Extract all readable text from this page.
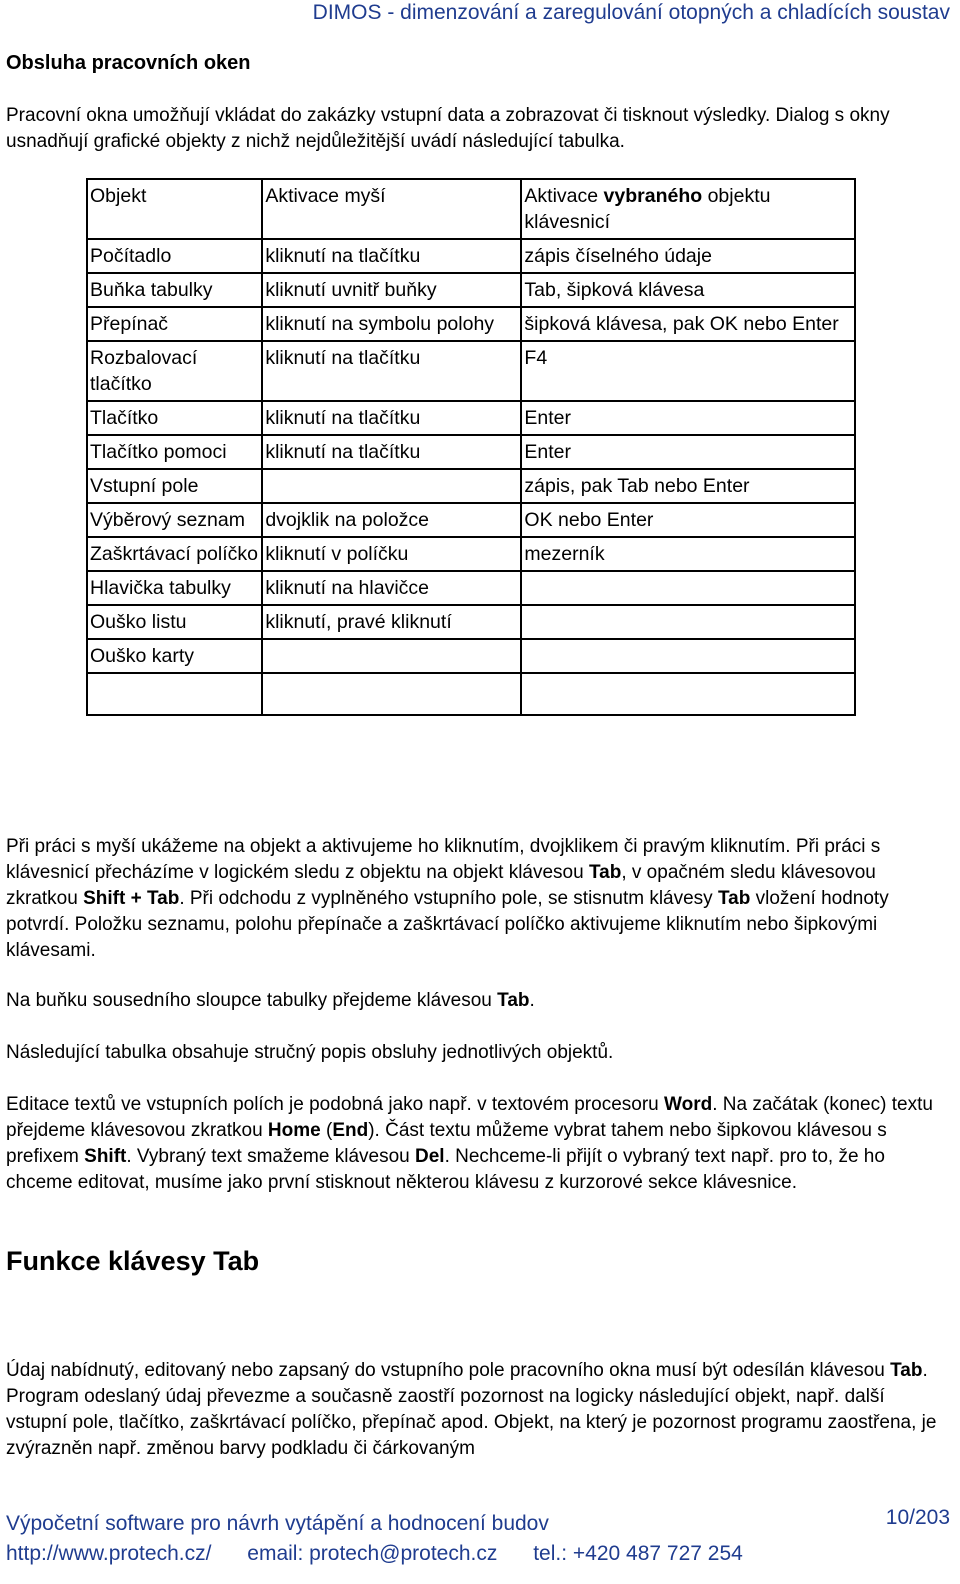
DIMOS - dimenzování a zaregulování otopných a chladících soustav
Obsluha pracovních oken

Pracovní okna umožňují vkládat do zakázky vstupní data a zobrazovat či tisknout výsledky. Dialog s okny usnadňují grafické objekty z nichž nejdůležitější uvádí následující tabulka.

Objekt	Aktivace myší	Aktivace vybraného objektu klávesnicí
Počítadlo	kliknutí na tlačítku	zápis číselného údaje
Buňka tabulky	kliknutí uvnitř buňky	Tab, šipková klávesa
Přepínač	kliknutí na symbolu polohy	šipková klávesa, pak OK nebo Enter
Rozbalovací tlačítko	kliknutí na tlačítku	F4
Tlačítko	kliknutí na tlačítku	Enter
Tlačítko pomoci	kliknutí na tlačítku	Enter
Vstupní pole		zápis, pak Tab nebo Enter
Výběrový seznam	dvojklik na položce	OK nebo Enter
Zaškrtávací políčko	kliknutí v políčku	mezerník
Hlavička tabulky	kliknutí na hlavičce	
Ouško listu	kliknutí, pravé kliknutí	
Ouško karty		

Při práci s myší ukážeme na objekt a aktivujeme ho kliknutím, dvojklikem či pravým kliknutím. Při práci s klávesnicí přecházíme v logickém sledu z objektu na objekt klávesou Tab, v opačném sledu klávesovou zkratkou Shift + Tab. Při odchodu z vyplněného vstupního pole, se stisnutm klávesy Tab vložení hodnoty potvrdí. Položku seznamu, polohu přepínače a zaškrtávací políčko aktivujeme kliknutím nebo šipkovými klávesami.

Na buňku sousedního sloupce tabulky přejdeme klávesou Tab.

Následující tabulka obsahuje stručný popis obsluhy jednotlivých objektů.

Editace textů ve vstupních polích je podobná jako např. v textovém procesoru Word. Na začátak (konec) textu přejdeme klávesovou zkratkou Home (End). Část textu můžeme vybrat tahem nebo šipkovou klávesou s prefixem Shift. Vybraný text smažeme klávesou Del. Nechceme-li přijít o vybraný text např. pro to, že ho chceme editovat, musíme jako první stisknout některou klávesu z kurzorové sekce klávesnice.

Funkce klávesy Tab

Údaj nabídnutý, editovaný nebo zapsaný do vstupního pole pracovního okna musí být odesílán klávesou Tab. Program odeslaný údaj převezme a současně zaostří pozornost na logicky následující objekt, např. další vstupní pole, tlačítko, zaškrtávací políčko, přepínač apod. Objekt, na který je pozornost programu zaostřena, je zvýrazněn např. změnou barvy podkladu či čárkovaným

Výpočetní software pro návrh vytápění a hodnocení budov	10/203
http://www.protech.cz/ email: protech@protech.cz tel.: +420 487 727 254
